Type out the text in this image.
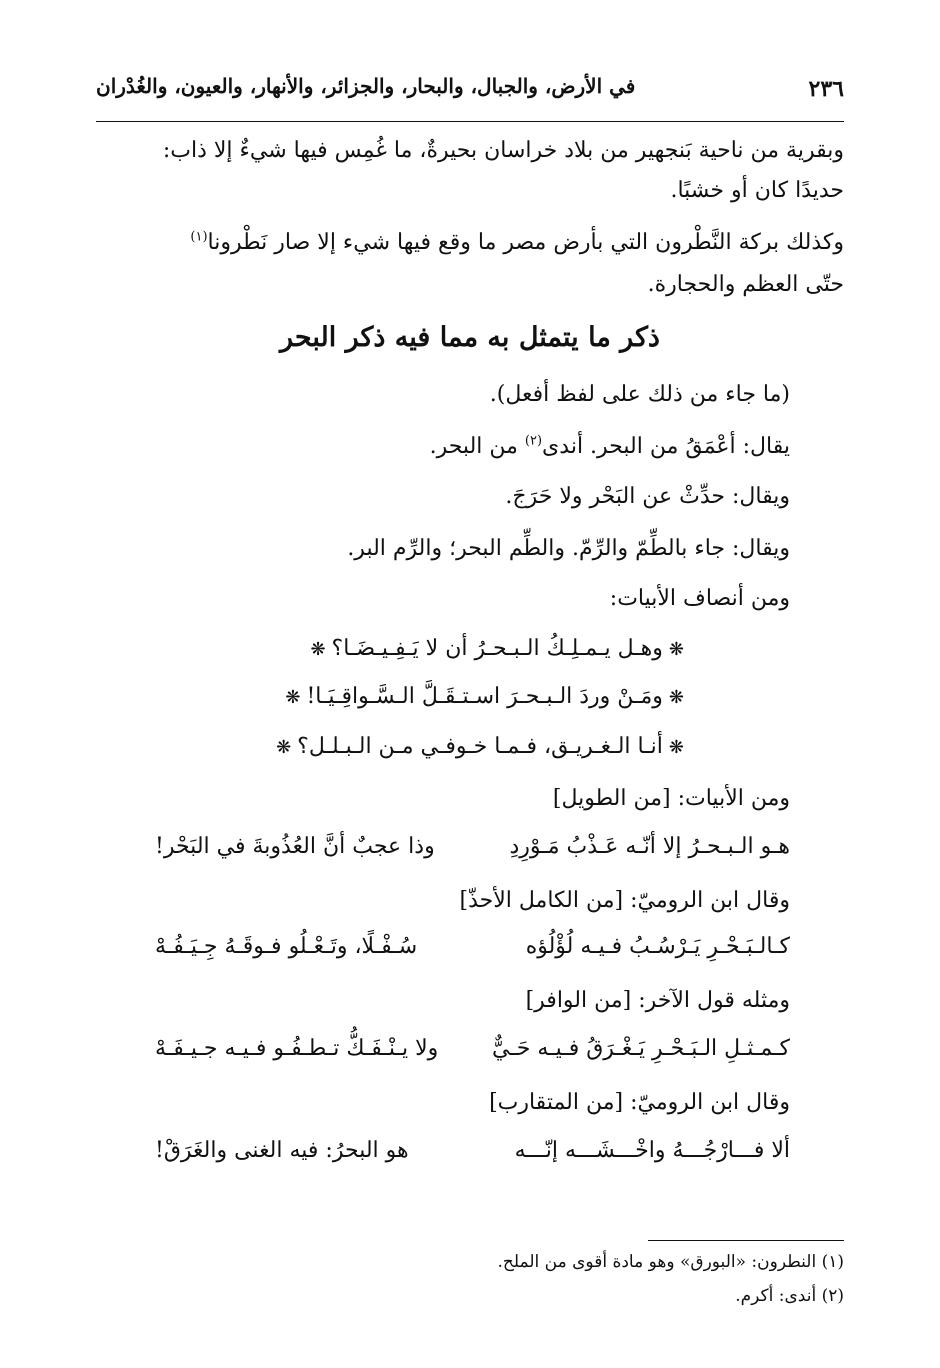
٢٣٦
في الأرض، والجبال، والبحار، والجزائر، والأنهار، والعيون، والغُدْران
وبقرية من ناحية بَنجهير من بلاد خراسان بحيرةٌ، ما غُمِس فيها شيءٌ إلا ذاب:
حديدًا كان أو خشبًا.
وكذلك بركة النَّطْرون التي بأرض مصر ما وقع فيها شيء إلا صار نَطْرونا$^{(١)}$
حتّى العظم والحجارة.
ذكر ما يتمثل به مما فيه ذكر البحر
(ما جاء من ذلك على لفظ أفعل).
يقال: أعْمَقُ من البحر. أندى$^{(٢)}$ من البحر.
ويقال: حدِّثْ عن البَحْر ولا حَرَجَ.
ويقال: جاء بالطِّمّ والرِّمّ. والطِّم البحر؛ والرِّم البر.
ومن أنصاف الأبيات:
❋وهـل يـمـلِـكُ الـبـحـرُ أن لا يَـفِـيـضَـا؟❋
❋ومَـنْ وردَ الـبـحـرَ اسـتـقَـلَّ الـسَّـواقِـيَـا!❋
❋أنـا الـغـريـق، فـمـا خـوفـي مـن الـبـلـل؟❋
ومن الأبيات: [من الطويل]
هـو الـبـحـرُ إلا أنّـه عَـذْبُ مَـوْرِدِ
وذا عجبٌ أنَّ العُذُوبةَ في البَحْر!
وقال ابن الروميّ: [من الكامل الأحذّ]
كـالـبَـحْـرِ يَـرْسُـبُ فـيـه لُؤْلُؤه
سُـفْـلًا، وتَـعْـلُو فـوقَـهُ جِـيَـفُـهْ
ومثله قول الآخر: [من الوافر]
كـمـثـلِ الـبَـحْـرِ يَـغْـرَقُ فـيـه حَـيٌّ
ولا يـنْـفَـكُّ تـطـفُـو فـيـه جـيـفَـهْ
وقال ابن الروميّ: [من المتقارب]
ألا فـــارْجُـــهُ واخْـــشَـــه إنّـــه
هو البحرُ: فيه الغنى والغَرَقْ!
(١) النطرون: «البورق» وهو مادة أقوى من الملح.
(٢) أندى: أكرم.
